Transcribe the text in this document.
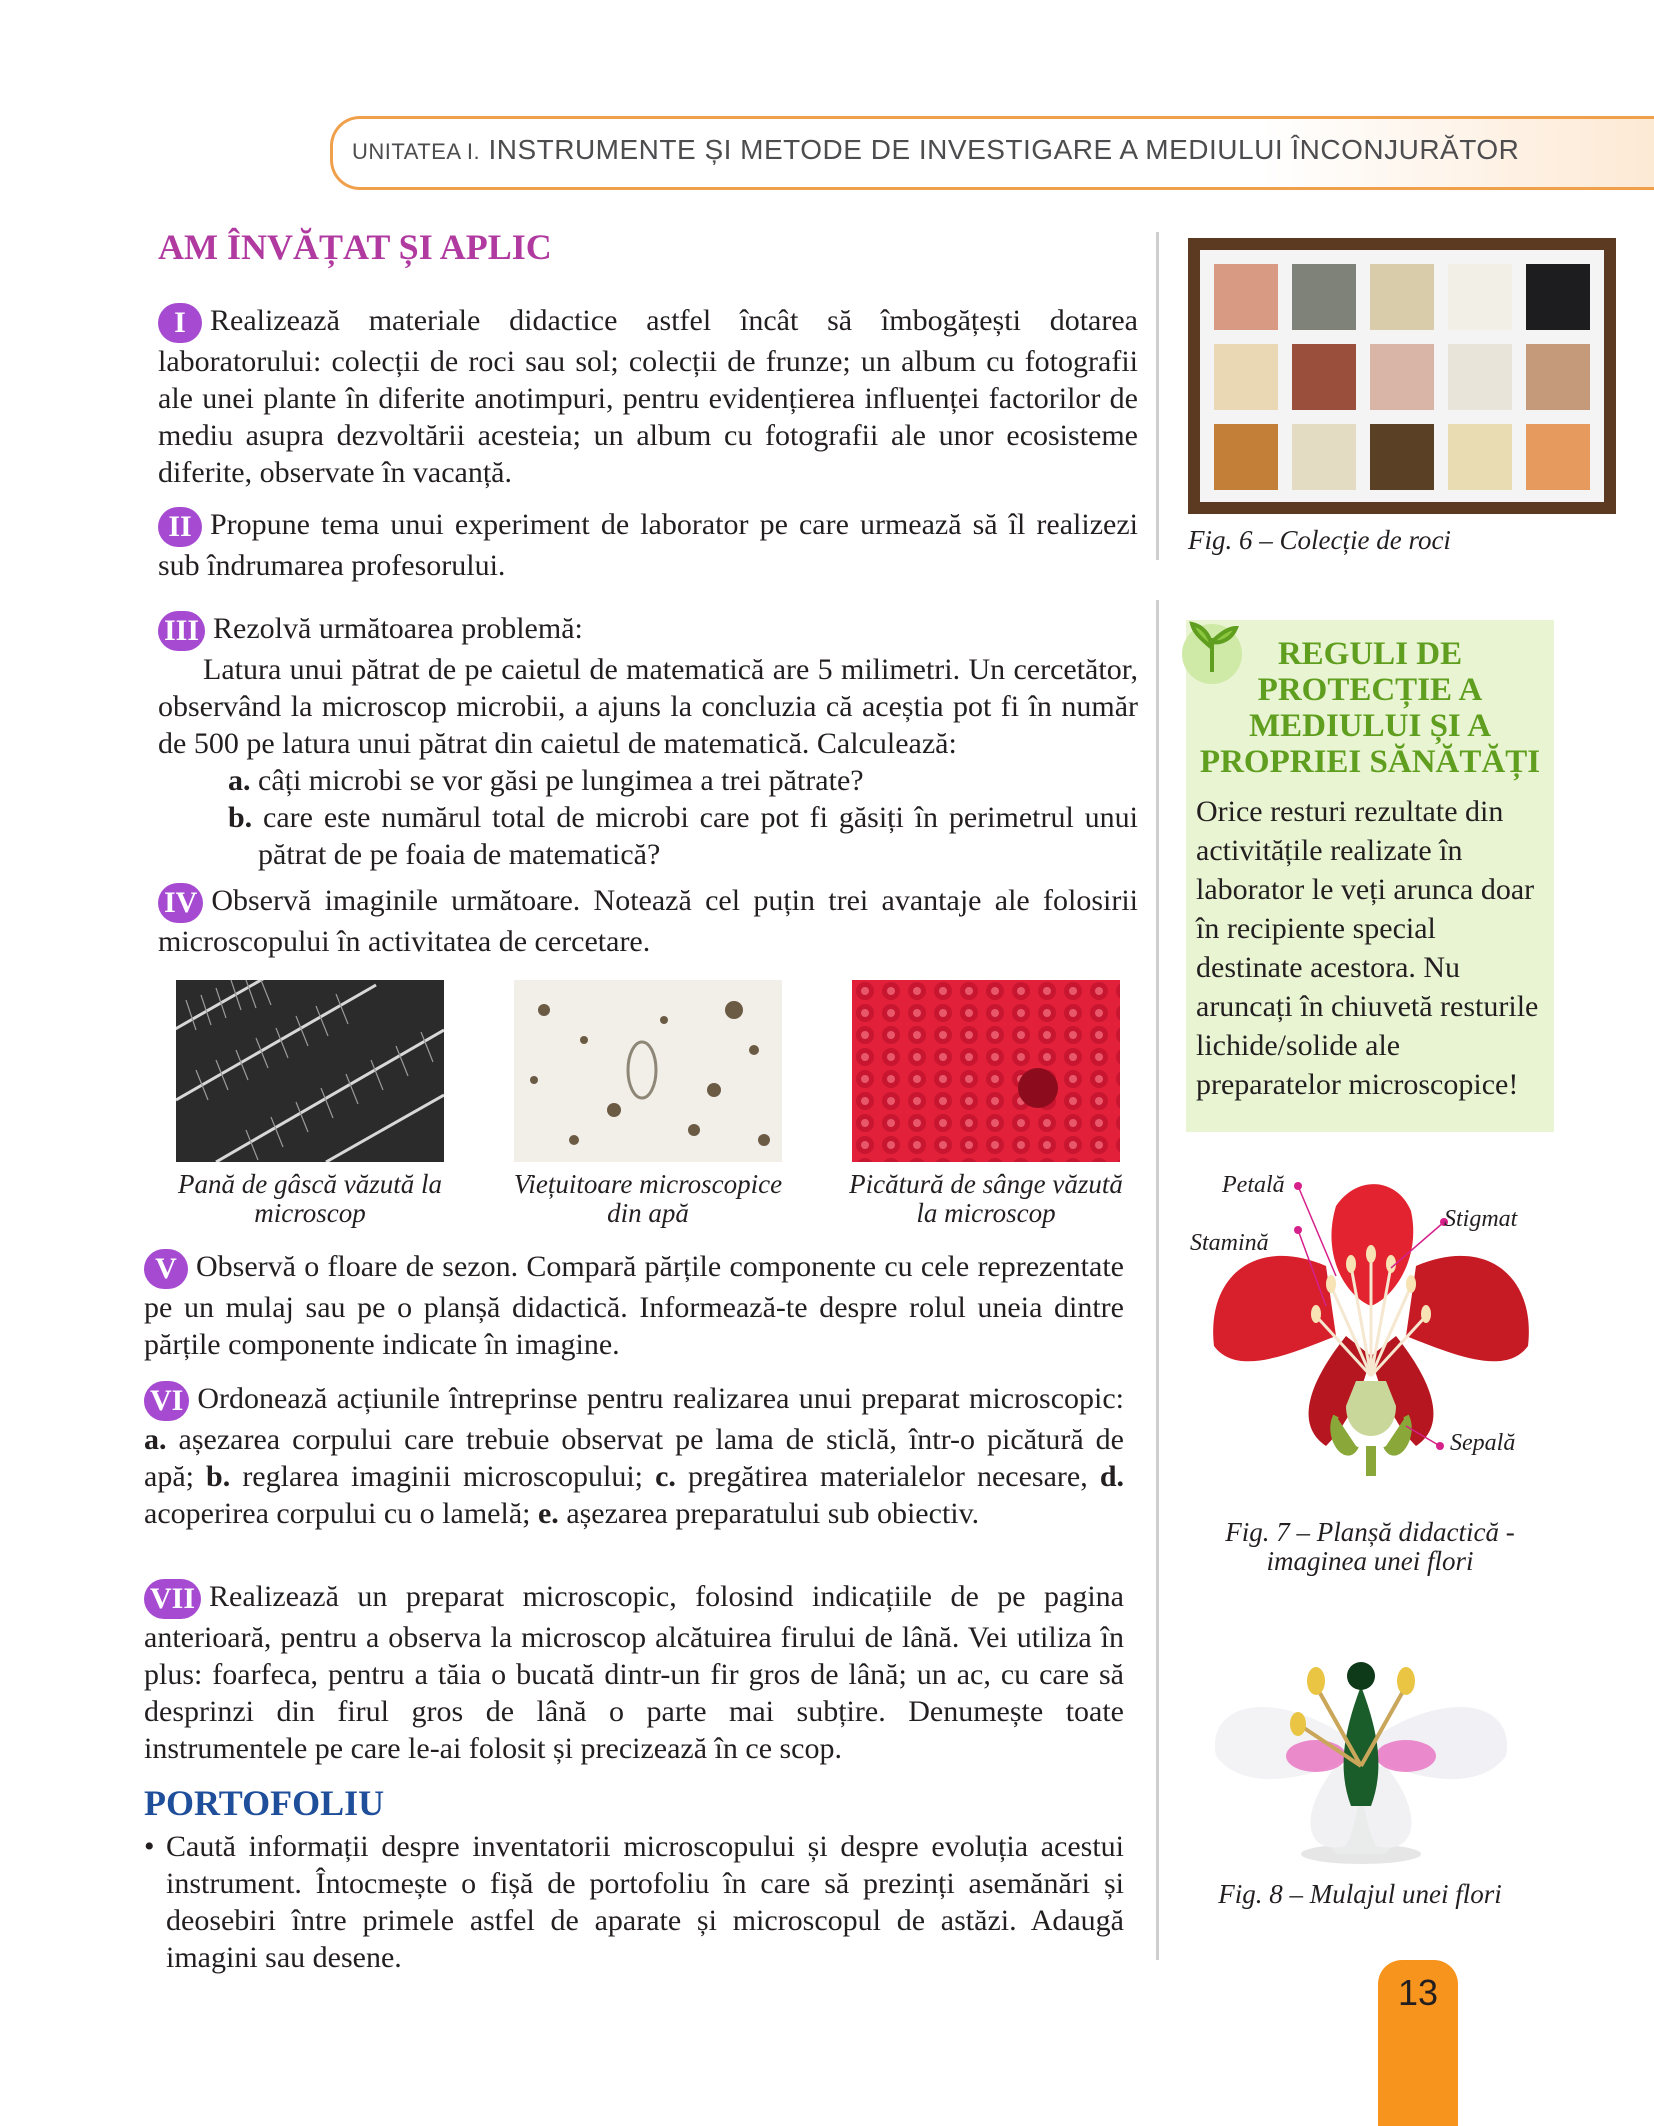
UNITATEA I. INSTRUMENTE ȘI METODE DE INVESTIGARE A MEDIULUI ÎNCONJURĂTOR
AM ÎNVĂȚAT ȘI APLIC

I Realizează materiale didactice astfel încât să îmbogățești dotarea laboratorului: colecții de roci sau sol; colecții de frunze; un album cu fotografii ale unei plante în diferite anotimpuri, pentru evidențierea influenței factorilor de mediu asupra dezvoltării acesteia; un album cu fotografii ale unor ecosisteme diferite, observate în vacanță.

II Propune tema unui experiment de laborator pe care urmează să îl realizezi sub îndrumarea profesorului.

III Rezolvă următoarea problemă:
Latura unui pătrat de pe caietul de matematică are 5 milimetri. Un cercetător, observând la microscop microbii, a ajuns la concluzia că aceștia pot fi în număr de 500 pe latura unui pătrat din caietul de matematică. Calculează:
a. câți microbi se vor găsi pe lungimea a trei pătrate?
b. care este numărul total de microbi care pot fi găsiți în perimetrul unui pătrat de pe foaia de matematică?

IV Observă imaginile următoare. Notează cel puțin trei avantaje ale folosirii microscopului în activitatea de cercetare.

Pană de gâscă văzută la microscop
Viețuitoare microscopice din apă
Picătură de sânge văzută la microscop

V Observă o floare de sezon. Compară părțile componente cu cele reprezentate pe un mulaj sau pe o planșă didactică. Informează-te despre rolul uneia dintre părțile componente indicate în imagine.

VI Ordonează acțiunile întreprinse pentru realizarea unui preparat microscopic: a. așezarea corpului care trebuie observat pe lama de sticlă, într-o picătură de apă; b. reglarea imaginii microscopului; c. pregătirea materialelor necesare, d. acoperirea corpului cu o lamelă; e. așezarea preparatului sub obiectiv.

VII Realizează un preparat microscopic, folosind indicațiile de pe pagina anterioară, pentru a observa la microscop alcătuirea firului de lână. Vei utiliza în plus: foarfeca, pentru a tăia o bucată dintr-un fir gros de lână; un ac, cu care să desprinzi din firul gros de lână o parte mai subțire. Denumește toate instrumentele pe care le-ai folosit și precizează în ce scop.

PORTOFOLIU
• Caută informații despre inventatorii microscopului și despre evoluția acestui instrument. Întocmește o fișă de portofoliu în care să prezinți asemănări și deosebiri între primele astfel de aparate și microscopul de astăzi. Adaugă imagini sau desene.
Fig. 6 – Colecție de roci
REGULI DE PROTECȚIE A MEDIULUI ȘI A PROPRIEI SĂNĂTĂȚI

Orice resturi rezultate din activitățile realizate în laborator le veți arunca doar în recipiente special destinate acestora. Nu aruncați în chiuvetă resturile lichide/solide ale preparatelor microscopice!

Petală
Stamină
Stigmat
Sepală
Fig. 7 – Planșă didactică - imaginea unei flori
Fig. 8 – Mulajul unei flori
13
